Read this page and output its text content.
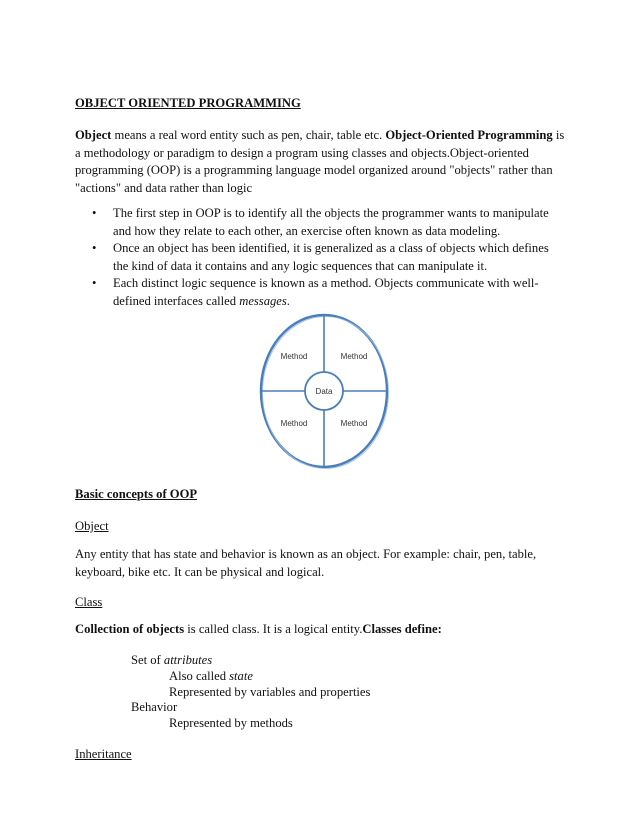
OBJECT ORIENTED PROGRAMMING
Object means a real word entity such as pen, chair, table etc. Object-Oriented Programming is a methodology or paradigm to design a program using classes and objects.Object-oriented programming (OOP) is a programming language model organized around "objects" rather than "actions" and data rather than logic
• The first step in OOP is to identify all the objects the programmer wants to manipulate and how they relate to each other, an exercise often known as data modeling.
• Once an object has been identified, it is generalized as a class of objects which defines the kind of data it contains and any logic sequences that can manipulate it.
• Each distinct logic sequence is known as a method. Objects communicate with well-defined interfaces called messages.
Method	Method
Data
Method	Method
Basic concepts of OOP
Object
Any entity that has state and behavior is known as an object. For example: chair, pen, table, keyboard, bike etc. It can be physical and logical.
Class
Collection of objects is called class. It is a logical entity.Classes define:
Set of attributes
Also called state
Represented by variables and properties
Behavior
Represented by methods
Inheritance
